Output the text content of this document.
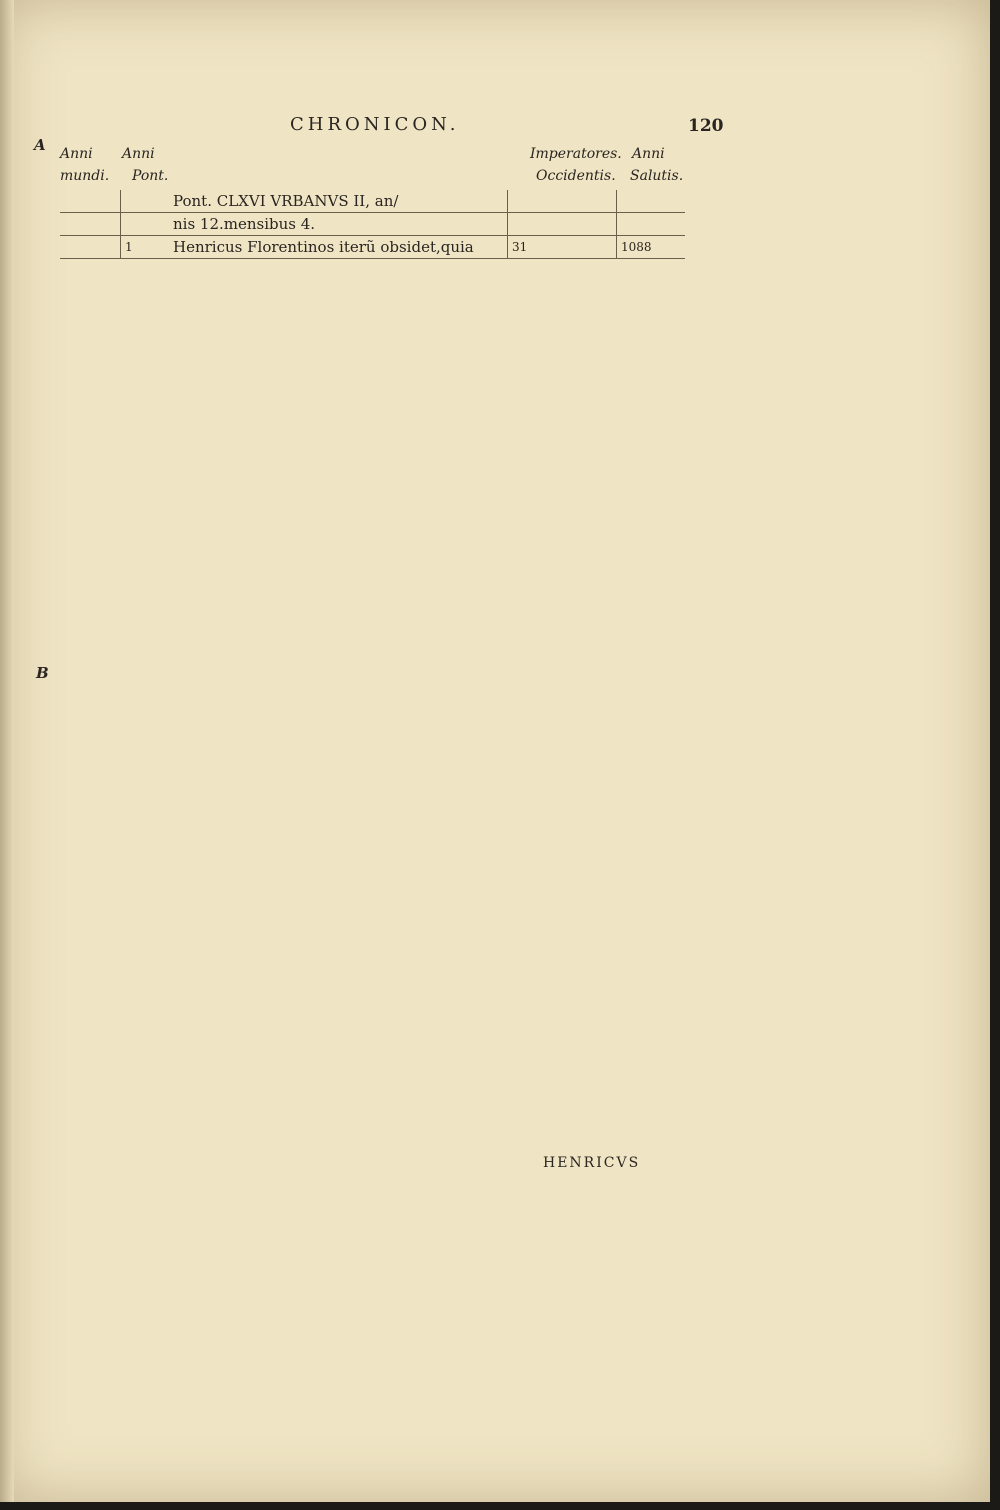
CHRONICON.	120
A
B
Anni Anni	Imperatores. Anni
mundi. Pont.	Occidentis. Salutis.
		Pont. CLXVI VRBANVS II, an/		
		nis 12.mensibus 4.		
	1	Henricus Florentinos iterũ obsidet,quia	31	1088
HENRICVS
